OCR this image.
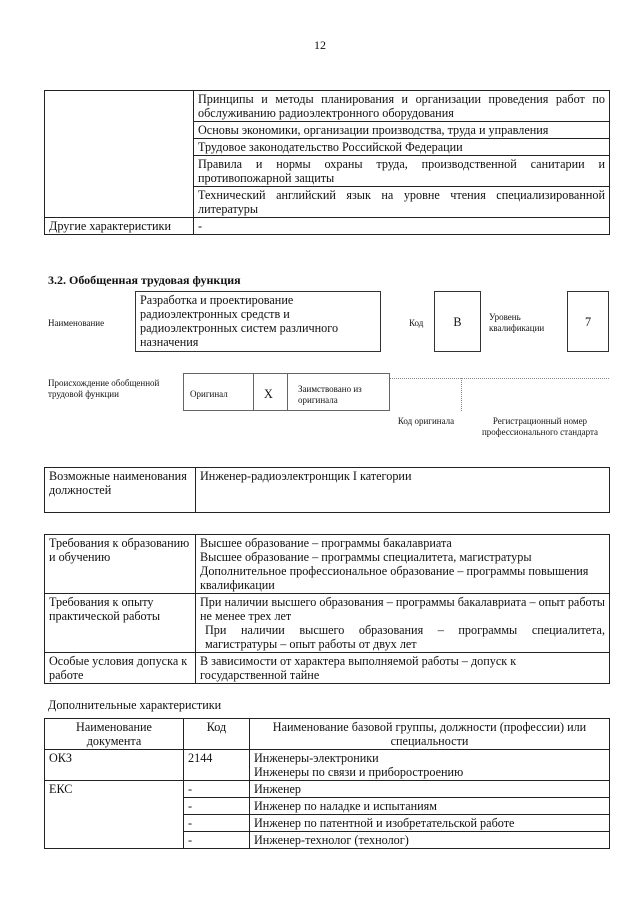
12
	Принципы и методы планирования и организации проведения работ по обслуживанию радиоэлектронного оборудования
	Основы экономики, организации производства, труда и управления
	Трудовое законодательство Российской Федерации
	Правила и нормы охраны труда, производственной санитарии и противопожарной защиты
	Технический английский язык на уровне чтения специализированной литературы
Другие характеристики	-
3.2. Обобщенная трудовая функция
Наименование
Разработка и проектирование радиоэлектронных средств и радиоэлектронных систем различного назначения
Код	B	Уровень квалификации	7
Происхождение обобщенной трудовой функции	Оригинал	X	Заимствовано из оригинала
Код оригинала	Регистрационный номер профессионального стандарта
Возможные наименования должностей	Инженер-радиоэлектронщик I категории
Требования к образованию и обучению	Высшее образование – программы бакалавриата
Высшее образование – программы специалитета, магистратуры
Дополнительное профессиональное образование – программы повышения квалификации

Требования к опыту практической работы	При наличии высшего образования – программы бакалавриата – опыт работы не менее трех лет
При наличии высшего образования – программы специалитета, магистратуры – опыт работы от двух лет

Особые условия допуска к работе	В зависимости от характера выполняемой работы – допуск к государственной тайне
Дополнительные характеристики
Наименование документа	Код	Наименование базовой группы, должности (профессии) или специальности
ОКЗ	2144	Инженеры-электроники
Инженеры по связи и приборостроению

ЕКС	-	Инженер
	-	Инженер по наладке и испытаниям
	-	Инженер по патентной и изобретательской работе
	-	Инженер-технолог (технолог)
